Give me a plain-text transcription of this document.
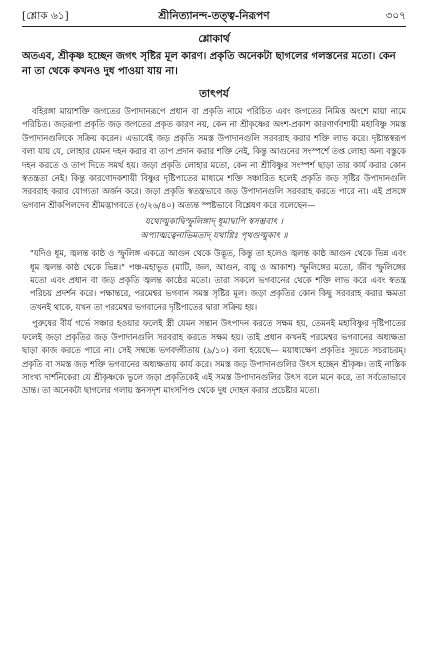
[শ্লোক ৬১]	শ্রীনিত্যানন্দ-তত্ত্ব-নিরূপণ	৩০৭
শ্লোকার্থ

অতএব, শ্রীকৃষ্ণ হচ্ছেন জগৎ সৃষ্টির মূল কারণ। প্রকৃতি অনেকটা ছাগলের গলস্তনের মতো। কেন না তা থেকে কখনও দুধ পাওয়া যায় না।

তাৎপর্য

বহিরঙ্গা মায়াশক্তি জগতের উপাদানরূপে প্রধান বা প্রকৃতি নামে পরিচিত এবং জগতের নিমিত্ত অংশে মায়া নামে পরিচিত। জড়রূপা প্রকৃতি জড় জগতের প্রকৃত কারণ নয়, কেন না শ্রীকৃষ্ণের অংশ-প্রকাশ কারণার্ণবশায়ী মহাবিষ্ণু সমস্ত উপাদানগুলিকে সক্রিয় করেন। এভাবেই জড় প্রকৃতি সমস্ত উপাদানগুলি সরবরাহ করার শক্তি লাভ করে। দৃষ্টান্তস্বরূপ বলা যায় যে, লোহার যেমন দহন করার বা তাপ প্রদান করার শক্তি নেই, কিন্তু আগুনের সংস্পর্শে তপ্ত লোহা অন্য বস্তুকে দহন করতে ও তাপ দিতে সমর্থ হয়। জড়া প্রকৃতি লোহার মতো, কেন না শ্রীবিষ্ণুর সংস্পর্শ ছাড়া তার কার্য করার কোন স্বতন্ত্রতা নেই। কিন্তু কারণোদকশায়ী বিষ্ণুর দৃষ্টিপাতের মাধ্যমে শক্তি সঞ্চারিত হলেই প্রকৃতি জড় সৃষ্টির উপাদানগুলি সরবরাহ করার যোগ্যতা অর্জন করে। জড়া প্রকৃতি স্বতন্ত্রভাবে জড় উপাদানগুলি সরবরাহ করতে পারে না। এই প্রসঙ্গে ভগবান শ্রীকপিলদেব শ্রীমদ্ভাগবতে (৩/২৬/৪০) অত্যন্ত স্পষ্টভাবে বিশ্লেষণ করে বলেছেন—

যথোল্মুকাদ্বিস্ফুলিঙ্গাদ্ ধূমাদ্বাপি স্বসম্ভবাৎ ।
অপ্যাত্মত্বেনাভিমতাদ্ যথাগ্নিঃ পৃথগুল্মুকাৎ ॥

"যদিও ধূম, জ্বলন্ত কাষ্ঠ ও স্ফুলিঙ্গ একত্রে আগুন থেকে উদ্ভূত, কিন্তু তা হলেও জ্বলন্ত কাষ্ঠ আগুন থেকে ভিন্ন এবং ধূম জ্বলন্ত কাষ্ঠ থেকে ভিন্ন।" পঞ্চ-মহাভূত (মাটি, জল, আগুন, বায়ু ও আকাশ) স্ফুলিঙ্গের মতো, জীব স্ফুলিঙ্গের মতো এবং প্রধান বা জড় প্রকৃতি জ্বলন্ত কাষ্ঠের মতো। তারা সকলে ভগবানের থেকে শক্তি লাভ করে এবং স্বতন্ত্র পরিচয় প্রদর্শন করে। পক্ষান্তরে, পরমেশ্বর ভগবান সমস্ত সৃষ্টির মূল। জড়া প্রকৃতির কোন কিছু সরবরাহ করার ক্ষমতা তখনই থাকে, যখন তা পরমেশ্বর ভগবানের দৃষ্টিপাতের দ্বারা সক্রিয় হয়।

পুরুষের বীর্য গর্ভে সঞ্চার হওয়ার ফলেই স্ত্রী যেমন সন্তান উৎপাদন করতে সক্ষম হয়, তেমনই মহাবিষ্ণুর দৃষ্টিপাতের ফলেই জড়া প্রকৃতির জড় উপাদানগুলি সরবরাহ করতে সক্ষম হয়। তাই প্রধান কখনই পরমেশ্বর ভগবানের অধ্যক্ষতা ছাড়া কাজ করতে পারে না। সেই সম্বন্ধে ভগবদ্গীতায় (৯/১০) বলা হয়েছে— ময়াধ্যক্ষেণ প্রকৃতিঃ সূয়তে সচরাচরম্। প্রকৃতি বা সমস্ত জড় শক্তি ভগবানের অধ্যক্ষতায় কার্য করে। সমস্ত জড় উপাদানগুলির উৎস হচ্ছেন শ্রীকৃষ্ণ। তাই নাস্তিক সাংখ্য দার্শনিকেরা যে শ্রীকৃষ্ণকে ভুলে জড়া প্রকৃতিকেই এই সমস্ত উপাদানগুলির উৎস বলে মনে করে, তা সর্বতোভাবে ভ্রান্ত। তা অনেকটা ছাগলের গলায় স্তনসদৃশ মাংসপিণ্ড থেকে দুধ দোহন করার প্রচেষ্টার মতো।
